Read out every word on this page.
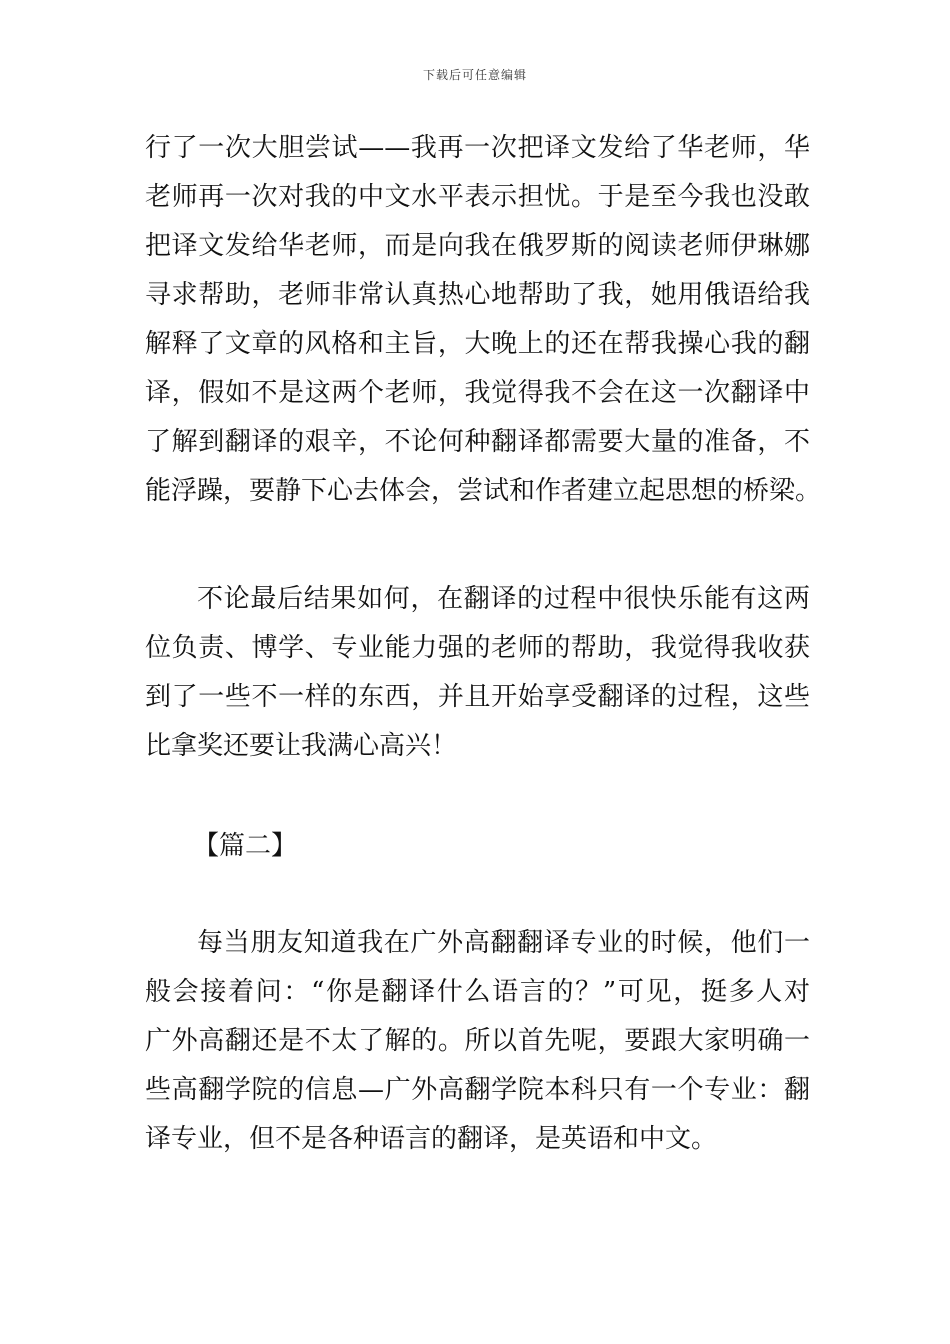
下载后可任意编辑
行了一次大胆尝试——我再一次把译文发给了华老师，华
老师再一次对我的中文水平表示担忧。于是至今我也没敢
把译文发给华老师，而是向我在俄罗斯的阅读老师伊琳娜
寻求帮助，老师非常认真热心地帮助了我，她用俄语给我
解释了文章的风格和主旨，大晚上的还在帮我操心我的翻
译，假如不是这两个老师，我觉得我不会在这一次翻译中
了解到翻译的艰辛，不论何种翻译都需要大量的准备，不
能浮躁，要静下心去体会，尝试和作者建立起思想的桥梁。
不论最后结果如何，在翻译的过程中很快乐能有这两
位负责、博学、专业能力强的老师的帮助，我觉得我收获
到了一些不一样的东西，并且开始享受翻译的过程，这些
比拿奖还要让我满心高兴！
【篇二】
每当朋友知道我在广外高翻翻译专业的时候，他们一
般会接着问：“你是翻译什么语言的？”可见，挺多人对
广外高翻还是不太了解的。所以首先呢，要跟大家明确一
些高翻学院的信息—广外高翻学院本科只有一个专业：翻
译专业，但不是各种语言的翻译，是英语和中文。
